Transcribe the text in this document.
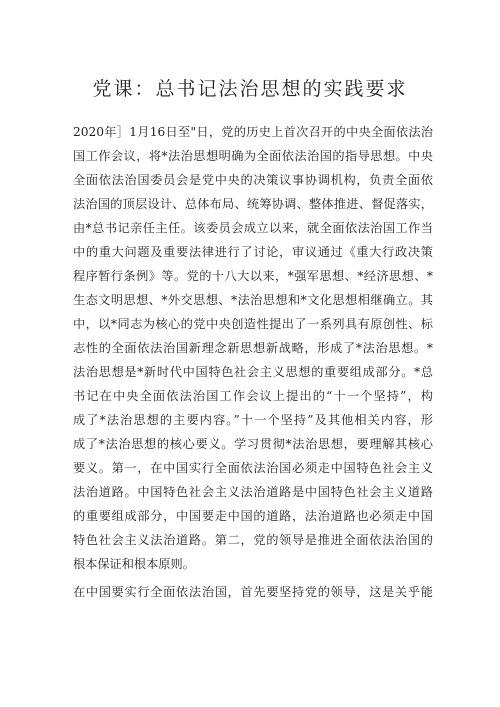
党课：总书记法治思想的实践要求
2020年］1月16日至"日，党的历史上首次召开的中央全面依法治
国工作会议，将*法治思想明确为全面依法治国的指导思想。中央
全面依法治国委员会是党中央的决策议事协调机构，负责全面依
法治国的顶层设计、总体布局、统筹协调、整体推进、督促落实，
由*总书记亲任主任。该委员会成立以来，就全面依法治国工作当
中的重大问题及重要法律进行了讨论，审议通过《重大行政决策
程序暂行条例》等。党的十八大以来，*强军思想、*经济思想、*
生态文明思想、*外交思想、*法治思想和*文化思想相继确立。其
中，以*同志为核心的党中央创造性提出了一系列具有原创性、标
志性的全面依法治国新理念新思想新战略，形成了*法治思想。*
法治思想是*新时代中国特色社会主义思想的重要组成部分。*总
书记在中央全面依法治国工作会议上提出的“十一个坚持”，构
成了*法治思想的主要内容。”十一个坚持”及其他相关内容，形
成了*法治思想的核心要义。学习贯彻*法治思想，要理解其核心
要义。第一，在中国实行全面依法治国必须走中国特色社会主义
法治道路。中国特色社会主义法治道路是中国特色社会主义道路
的重要组成部分，中国要走中国的道路，法治道路也必须走中国
特色社会主义法治道路。第二，党的领导是推进全面依法治国的
根本保证和根本原则。
在中国要实行全面依法治国，首先要坚持党的领导，这是关乎能
